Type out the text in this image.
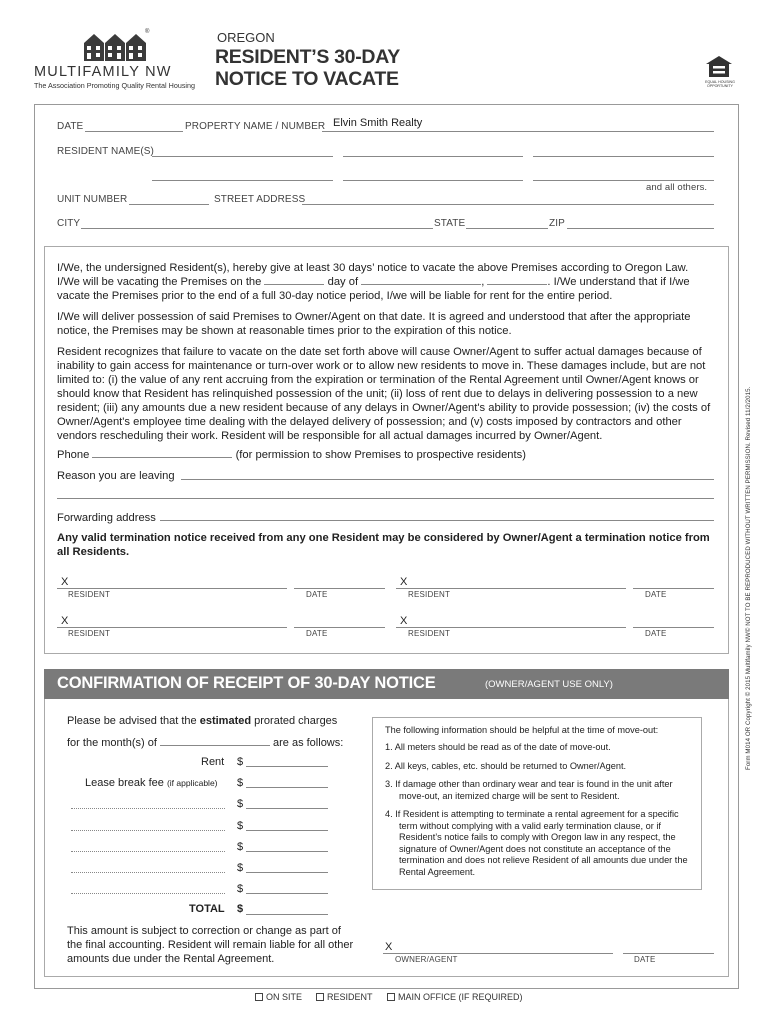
®
MULTIFAMILY NW
The Association Promoting Quality Rental Housing
OREGON
RESIDENT’S 30-DAY
NOTICE TO VACATE	EQUAL HOUSING OPPORTUNITY
DATE	PROPERTY NAME / NUMBER Elvin Smith Realty
RESIDENT NAME(S)
and all others.
UNIT NUMBER	STREET ADDRESS
CITY	STATE	ZIP
I/We, the undersigned Resident(s), hereby give at least 30 days’ notice to vacate the above Premises according to Oregon Law.
I/We will be vacating the Premises on the	day of	,	. I/We understand that if I/we
vacate the Premises prior to the end of a full 30-day notice period, I/we will be liable for rent for the entire period.
I/We will deliver possession of said Premises to Owner/Agent on that date. It is agreed and understood that after the appropriate notice, the Premises may be shown at reasonable times prior to the expiration of this notice.
Resident recognizes that failure to vacate on the date set forth above will cause Owner/Agent to suffer actual damages because of inability to gain access for maintenance or turn-over work or to allow new residents to move in. These damages include, but are not limited to: (i) the value of any rent accruing from the expiration or termination of the Rental Agreement until Owner/Agent knows or should know that Resident has relinquished possession of the unit; (ii) loss of rent due to delays in delivering possession to a new resident; (iii) any amounts due a new resident because of any delays in Owner/Agent's ability to provide possession; (iv) the costs of Owner/Agent's employee time dealing with the delayed delivery of possession; and (v) costs imposed by contractors and other vendors rescheduling their work. Resident will be responsible for all actual damages incurred by Owner/Agent.
Phone	(for permission to show Premises to prospective residents)
Reason you are leaving
Forwarding address
Any valid termination notice received from any one Resident may be considered by Owner/Agent a termination notice from all Residents.
X
RESIDENT	DATE
X
RESIDENT	DATE
X
RESIDENT	DATE
X
RESIDENT	DATE	Form M014 OR Copyright © 2015 Multifamily NW© NOT TO BE REPRODUCED WITHOUT WRITTEN PERMISSION. Revised 11/2/2015.
CONFIRMATION OF RECEIPT OF 30-DAY NOTICE	(OWNER/AGENT USE ONLY)
Please be advised that the estimated prorated charges
for the month(s) of	are as follows:
Rent $
Lease break fee (if applicable) $
$
$
$
$
$
TOTAL $
This amount is subject to correction or change as part of the final accounting. Resident will remain liable for all other amounts due under the Rental Agreement.
The following information should be helpful at the time of move-out:
1. All meters should be read as of the date of move-out.
2. All keys, cables, etc. should be returned to Owner/Agent.
3. If damage other than ordinary wear and tear is found in the unit after move-out, an itemized charge will be sent to Resident.
4. If Resident is attempting to terminate a rental agreement for a specific term without complying with a valid early termination clause, or if Resident’s notice fails to comply with Oregon law in any respect, the signature of Owner/Agent does not constitute an acceptance of the termination and does not relieve Resident of all amounts due under the Rental Agreement.
X
OWNER/AGENT	DATE
ON SITE	RESIDENT	MAIN OFFICE (IF REQUIRED)
